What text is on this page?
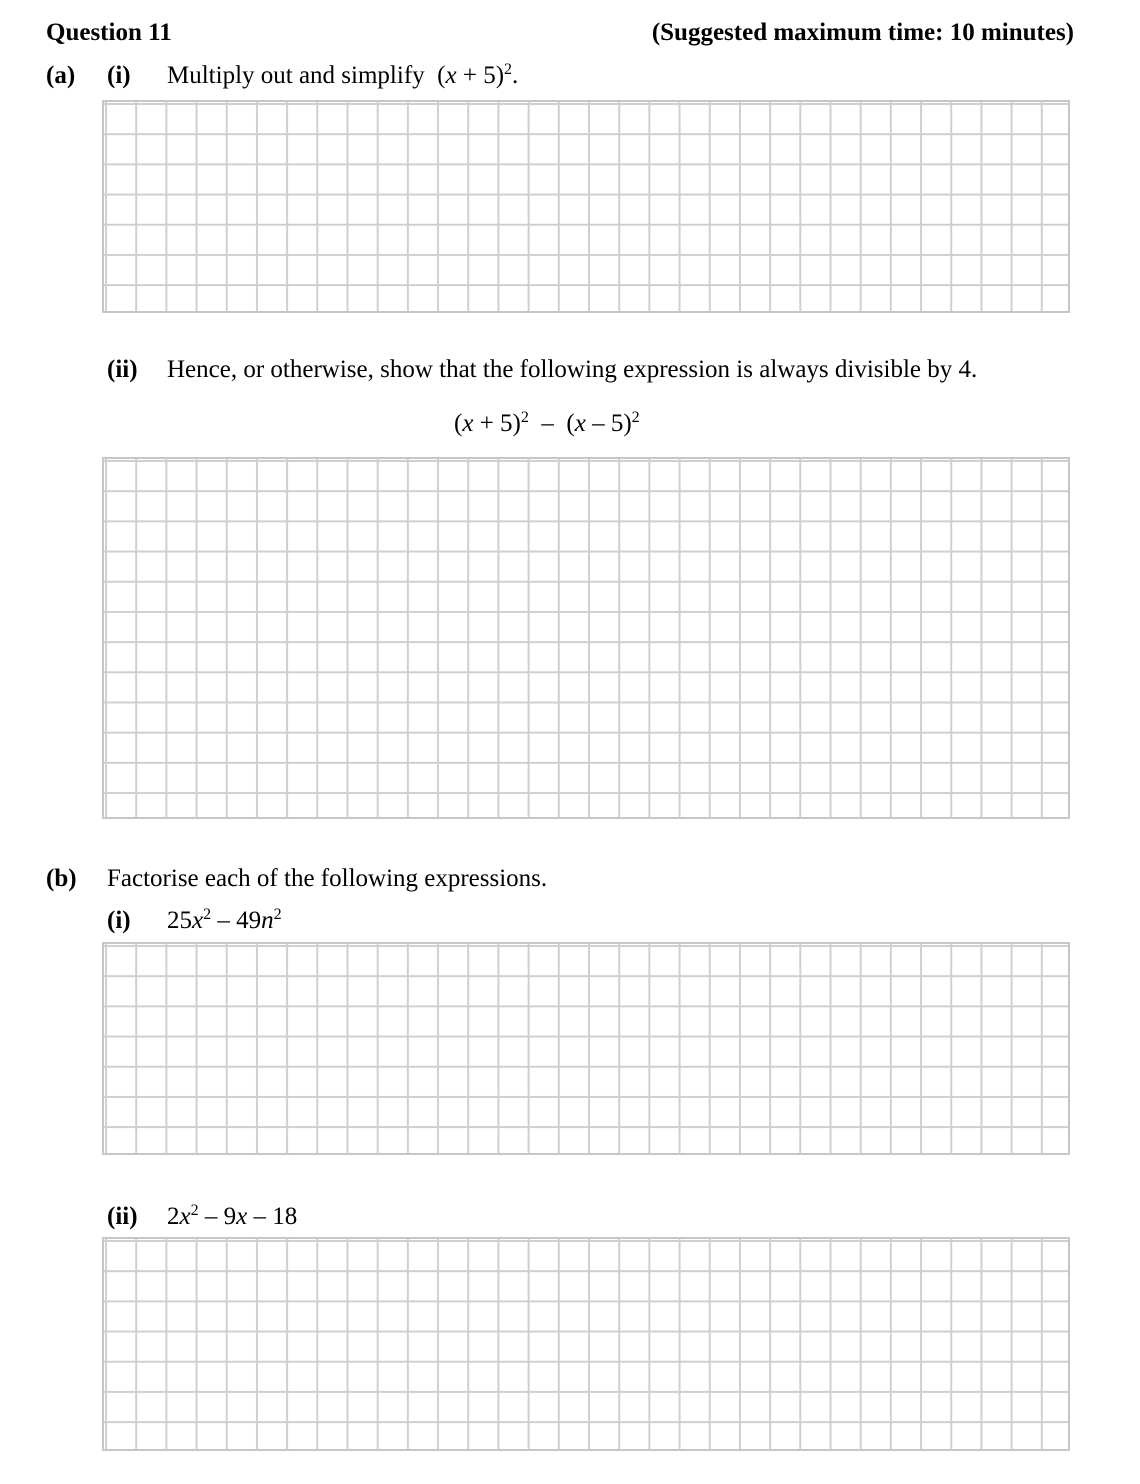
Question 11	(Suggested maximum time: 10 minutes)
(a) (i) Multiply out and simplify $(x + 5)^2$.
(ii) Hence, or otherwise, show that the following expression is always divisible by 4.
$(x + 5)^2 - (x - 5)^2$
(b) Factorise each of the following expressions.
(i) $25x^2 - 49n^2$
(ii) $2x^2 - 9x - 18$
